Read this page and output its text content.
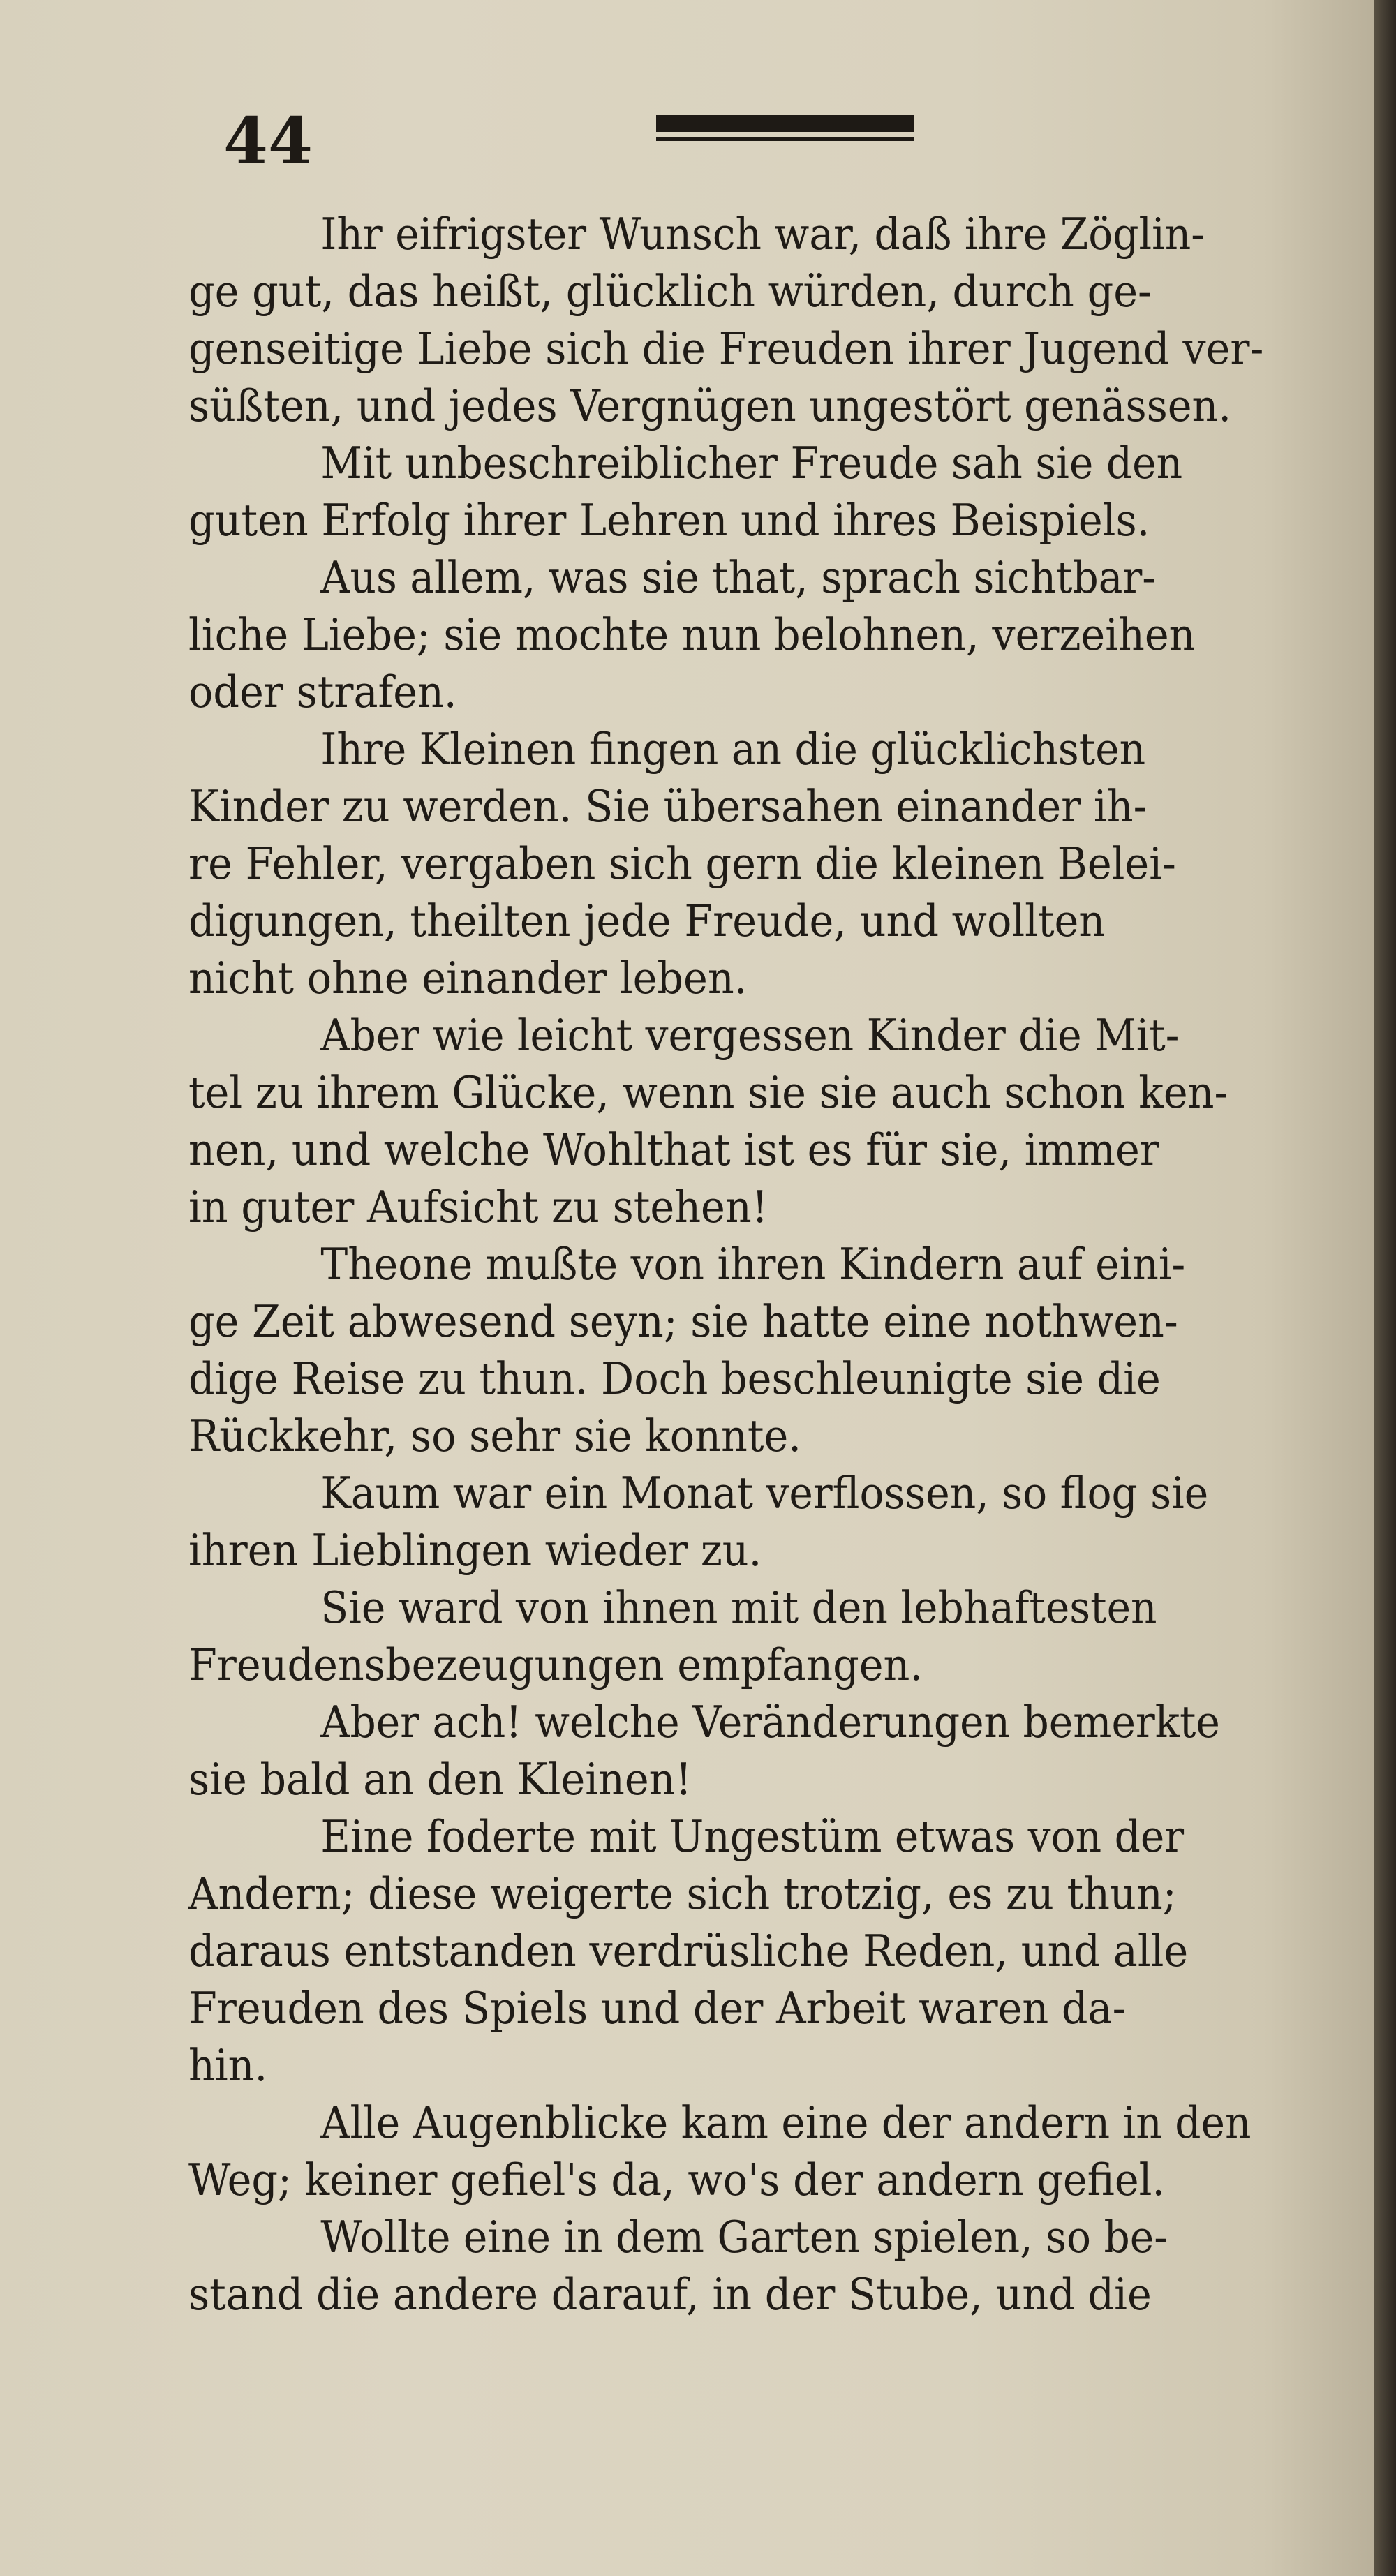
44
Ihr eifrigster Wunsch war, daß ihre Zöglin-
ge gut, das heißt, glücklich würden, durch ge-
genseitige Liebe sich die Freuden ihrer Jugend ver-
süßten, und jedes Vergnügen ungestört genässen.
Mit unbeschreiblicher Freude sah sie den
guten Erfolg ihrer Lehren und ihres Beispiels.
Aus allem, was sie that, sprach sichtbar-
liche Liebe; sie mochte nun belohnen, verzeihen
oder strafen.
Ihre Kleinen fingen an die glücklichsten
Kinder zu werden. Sie übersahen einander ih-
re Fehler, vergaben sich gern die kleinen Belei-
digungen, theilten jede Freude, und wollten
nicht ohne einander leben.
Aber wie leicht vergessen Kinder die Mit-
tel zu ihrem Glücke, wenn sie sie auch schon ken-
nen, und welche Wohlthat ist es für sie, immer
in guter Aufsicht zu stehen!
Theone mußte von ihren Kindern auf eini-
ge Zeit abwesend seyn; sie hatte eine nothwen-
dige Reise zu thun. Doch beschleunigte sie die
Rückkehr, so sehr sie konnte.
Kaum war ein Monat verflossen, so flog sie
ihren Lieblingen wieder zu.
Sie ward von ihnen mit den lebhaftesten
Freudensbezeugungen empfangen.
Aber ach! welche Veränderungen bemerkte
sie bald an den Kleinen!
Eine foderte mit Ungestüm etwas von der
Andern; diese weigerte sich trotzig, es zu thun;
daraus entstanden verdrüsliche Reden, und alle
Freuden des Spiels und der Arbeit waren da-
hin.
Alle Augenblicke kam eine der andern in den
Weg; keiner gefiel's da, wo's der andern gefiel.
Wollte eine in dem Garten spielen, so be-
stand die andere darauf, in der Stube, und die
